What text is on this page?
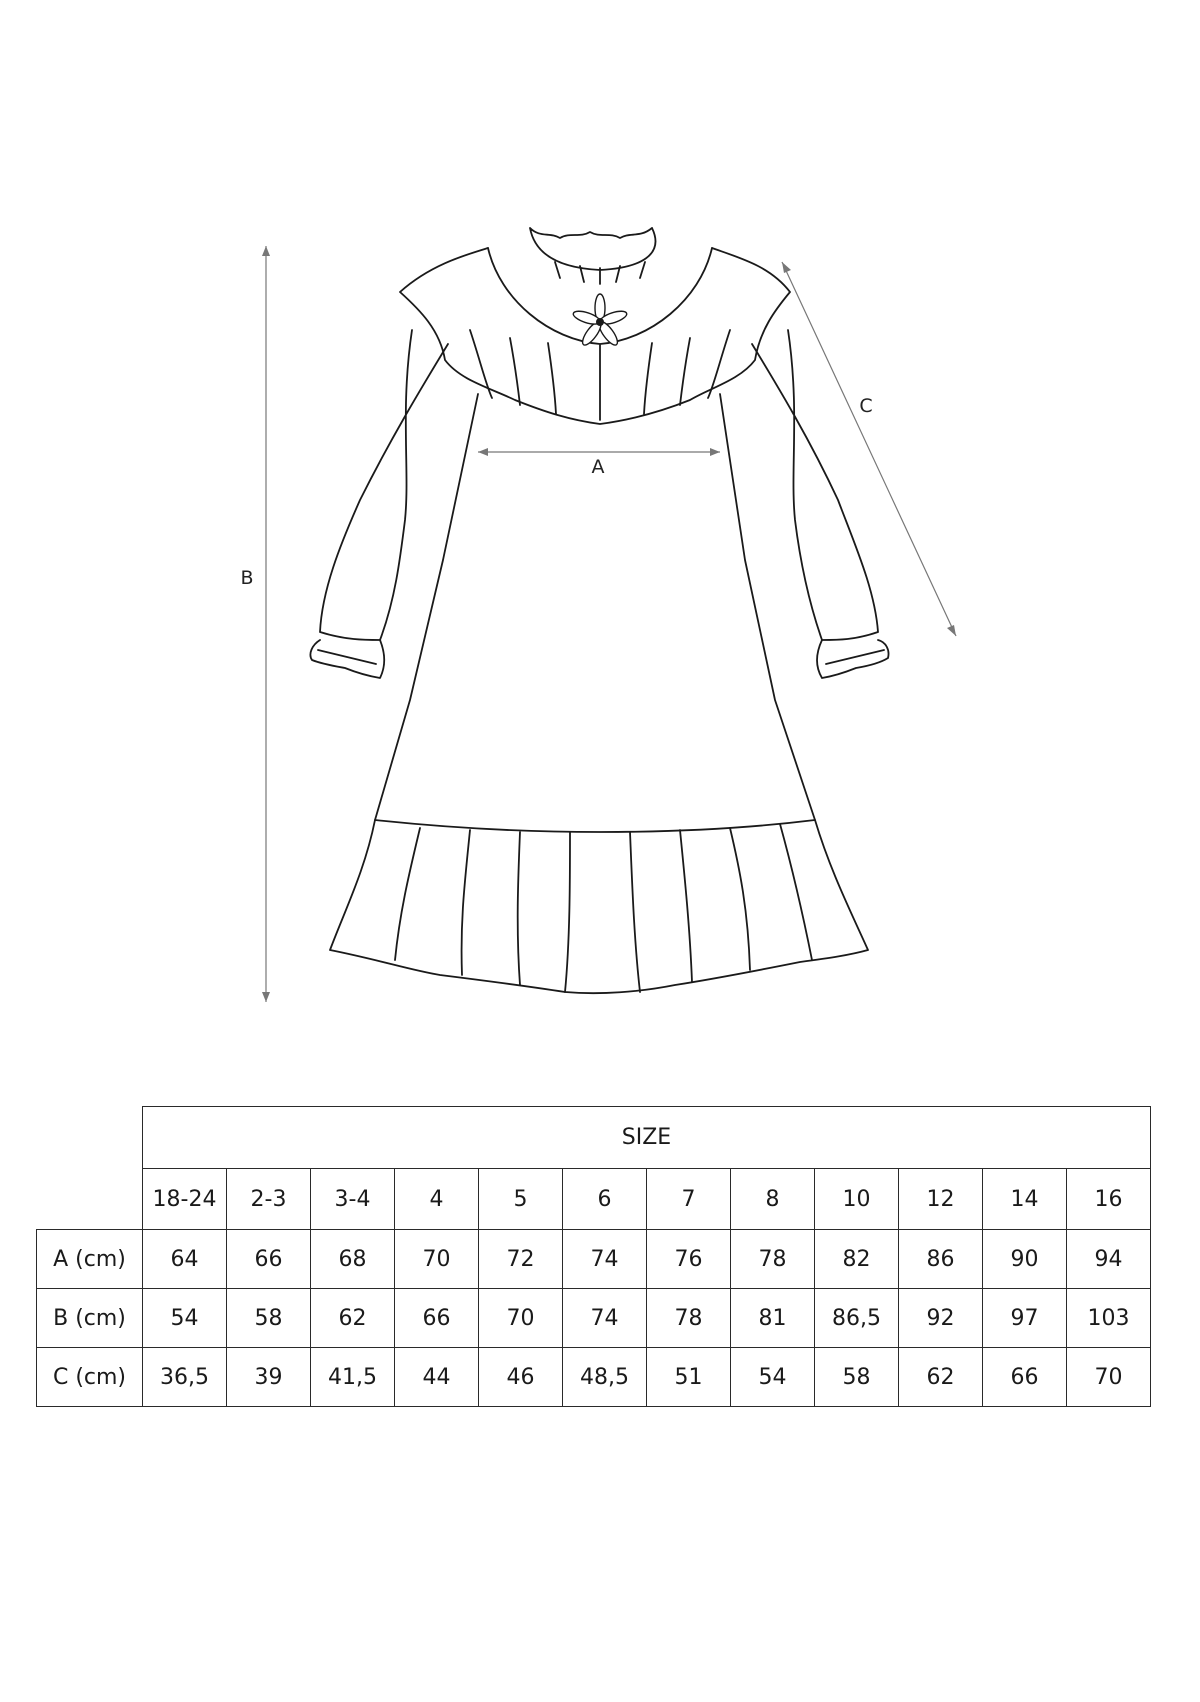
A
B
C
	SIZE											
	18-24	2-3	3-4	4	5	6	7	8	10	12	14	16
A (cm)	64	66	68	70	72	74	76	78	82	86	90	94
B (cm)	54	58	62	66	70	74	78	81	86,5	92	97	103
C (cm)	36,5	39	41,5	44	46	48,5	51	54	58	62	66	70
